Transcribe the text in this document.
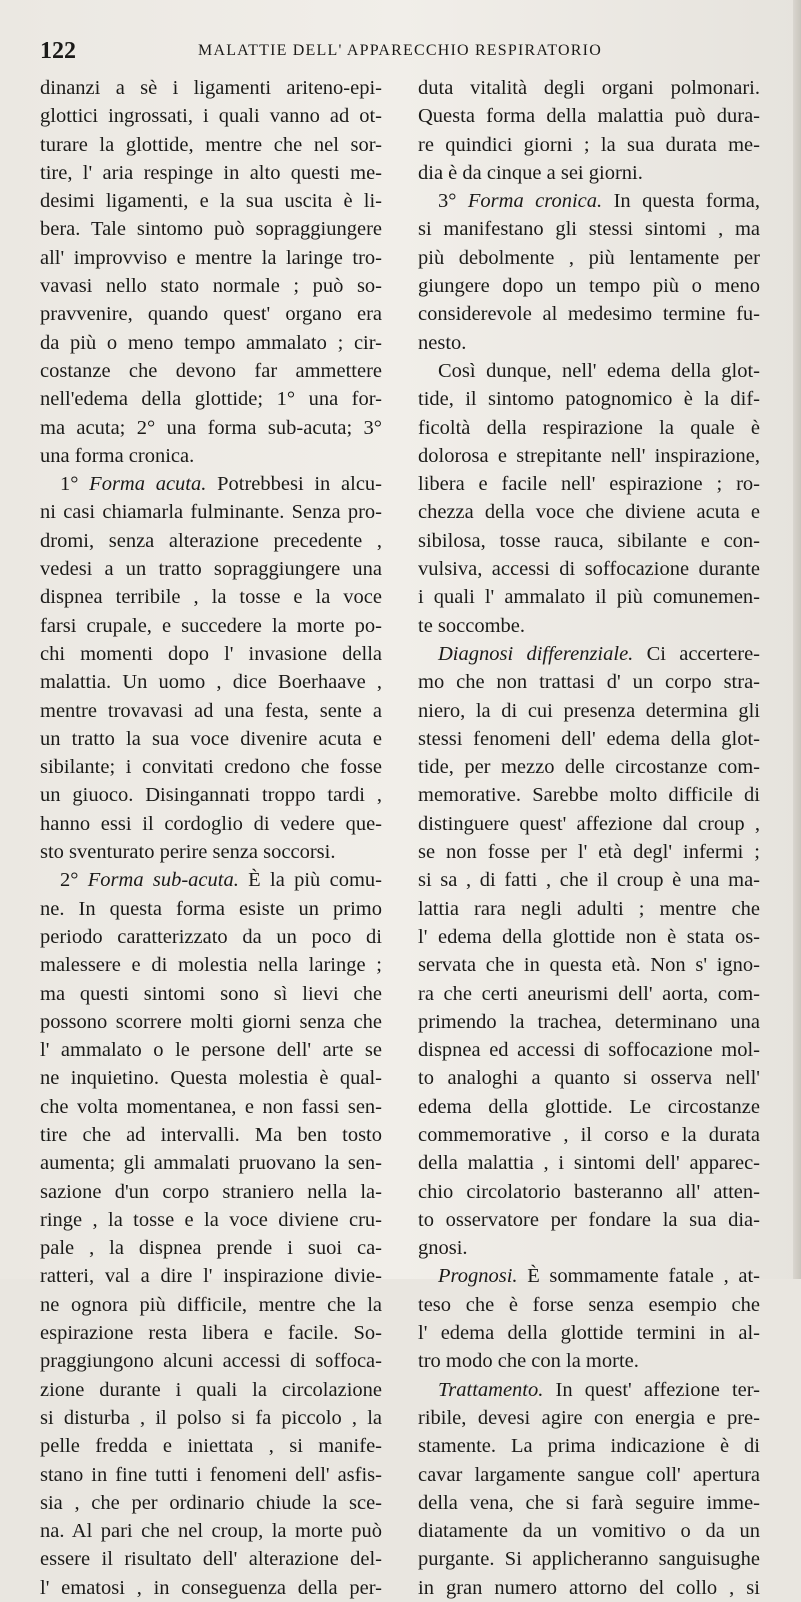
122	MALATTIE DELL' APPARECCHIO RESPIRATORIO
dinanzi a sè i ligamenti ariteno-epi-
glottici ingrossati, i quali vanno ad ot-
turare la glottide, mentre che nel sor-
tire, l' aria respinge in alto questi me-
desimi ligamenti, e la sua uscita è li-
bera. Tale sintomo può sopraggiungere
all' improvviso e mentre la laringe tro-
vavasi nello stato normale ; può so-
pravvenire, quando quest' organo era
da più o meno tempo ammalato ; cir-
costanze che devono far ammettere
nell'edema della glottide; 1° una for-
ma acuta; 2° una forma sub-acuta; 3°
una forma cronica.
1° Forma acuta. Potrebbesi in alcu-
ni casi chiamarla fulminante. Senza pro-
dromi, senza alterazione precedente ,
vedesi a un tratto sopraggiungere una
dispnea terribile , la tosse e la voce
farsi crupale, e succedere la morte po-
chi momenti dopo l' invasione della
malattia. Un uomo , dice Boerhaave ,
mentre trovavasi ad una festa, sente a
un tratto la sua voce divenire acuta e
sibilante; i convitati credono che fosse
un giuoco. Disingannati troppo tardi ,
hanno essi il cordoglio di vedere que-
sto sventurato perire senza soccorsi.
2° Forma sub-acuta. È la più comu-
ne. In questa forma esiste un primo
periodo caratterizzato da un poco di
malessere e di molestia nella laringe ;
ma questi sintomi sono sì lievi che
possono scorrere molti giorni senza che
l' ammalato o le persone dell' arte se
ne inquietino. Questa molestia è qual-
che volta momentanea, e non fassi sen-
tire che ad intervalli. Ma ben tosto
aumenta; gli ammalati pruovano la sen-
sazione d'un corpo straniero nella la-
ringe , la tosse e la voce diviene cru-
pale , la dispnea prende i suoi ca-
ratteri, val a dire l' inspirazione divie-
ne ognora più difficile, mentre che la
espirazione resta libera e facile. So-
praggiungono alcuni accessi di soffoca-
zione durante i quali la circolazione
si disturba , il polso si fa piccolo , la
pelle fredda e iniettata , si manife-
stano in fine tutti i fenomeni dell' asfis-
sia , che per ordinario chiude la sce-
na. Al pari che nel croup, la morte può
essere il risultato dell' alterazione del-
l' ematosi , in conseguenza della per-
duta vitalità degli organi polmonari.
Questa forma della malattia può dura-
re quindici giorni ; la sua durata me-
dia è da cinque a sei giorni.
3° Forma cronica. In questa forma,
si manifestano gli stessi sintomi , ma
più debolmente , più lentamente per
giungere dopo un tempo più o meno
considerevole al medesimo termine fu-
nesto.
Così dunque, nell' edema della glot-
tide, il sintomo patognomico è la dif-
ficoltà della respirazione la quale è
dolorosa e strepitante nell' inspirazione,
libera e facile nell' espirazione ; ro-
chezza della voce che diviene acuta e
sibilosa, tosse rauca, sibilante e con-
vulsiva, accessi di soffocazione durante
i quali l' ammalato il più comunemen-
te soccombe.
Diagnosi differenziale. Ci accertere-
mo che non trattasi d' un corpo stra-
niero, la di cui presenza determina gli
stessi fenomeni dell' edema della glot-
tide, per mezzo delle circostanze com-
memorative. Sarebbe molto difficile di
distinguere quest' affezione dal croup ,
se non fosse per l' età degl' infermi ;
si sa , di fatti , che il croup è una ma-
lattia rara negli adulti ; mentre che
l' edema della glottide non è stata os-
servata che in questa età. Non s' igno-
ra che certi aneurismi dell' aorta, com-
primendo la trachea, determinano una
dispnea ed accessi di soffocazione mol-
to analoghi a quanto si osserva nell'
edema della glottide. Le circostanze
commemorative , il corso e la durata
della malattia , i sintomi dell' apparec-
chio circolatorio basteranno all' atten-
to osservatore per fondare la sua dia-
gnosi.
Prognosi. È sommamente fatale , at-
teso che è forse senza esempio che
l' edema della glottide termini in al-
tro modo che con la morte.
Trattamento. In quest' affezione ter-
ribile, devesi agire con energia e pre-
stamente. La prima indicazione è di
cavar largamente sangue coll' apertura
della vena, che si farà seguire imme-
diatamente da un vomitivo o da un
purgante. Si applicheranno sanguisughe
in gran numero attorno del collo , si
